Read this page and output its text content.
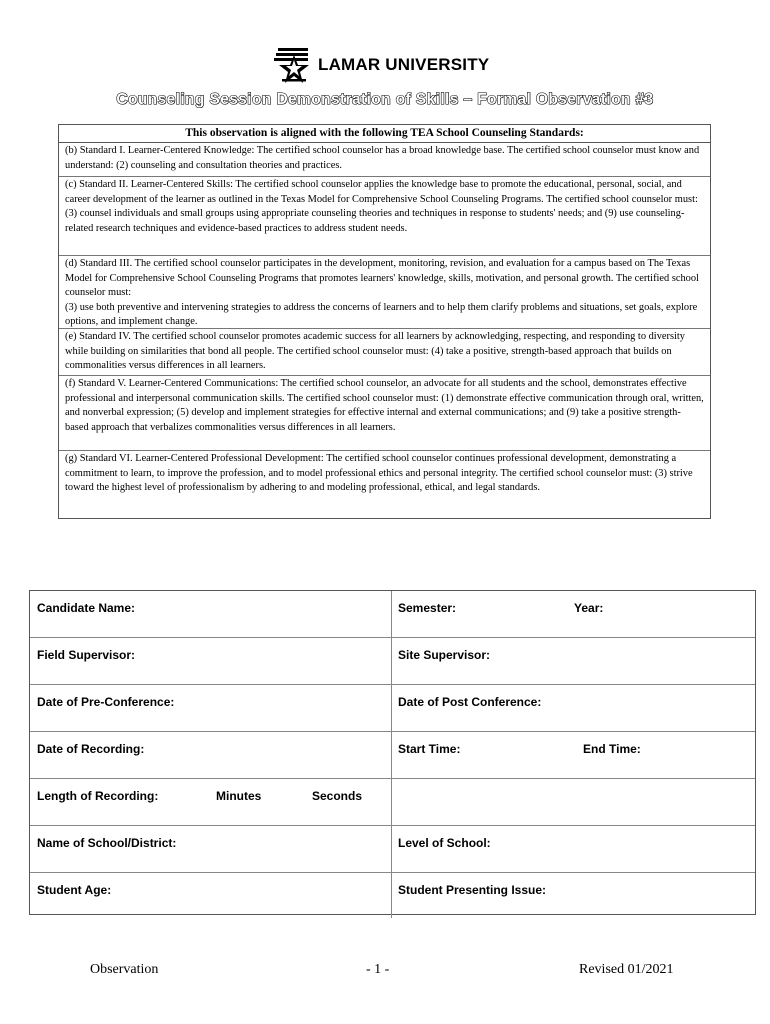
LAMAR UNIVERSITY
Counseling Session Demonstration of Skills – Formal Observation #3
This observation is aligned with the following TEA School Counseling Standards:
(b) Standard I. Learner-Centered Knowledge: The certified school counselor has a broad knowledge base. The certified school counselor must know and understand: (2) counseling and consultation theories and practices.
(c) Standard II. Learner-Centered Skills: The certified school counselor applies the knowledge base to promote the educational, personal, social, and career development of the learner as outlined in the Texas Model for Comprehensive School Counseling Programs. The certified school counselor must:
(3) counsel individuals and small groups using appropriate counseling theories and techniques in response to students' needs; and (9) use counseling-related research techniques and evidence-based practices to address student needs.
(d) Standard III. The certified school counselor participates in the development, monitoring, revision, and evaluation for a campus based on The Texas Model for Comprehensive School Counseling Programs that promotes learners' knowledge, skills, motivation, and personal growth. The certified school counselor must:
(3) use both preventive and intervening strategies to address the concerns of learners and to help them clarify problems and situations, set goals, explore options, and implement change.
(e) Standard IV. The certified school counselor promotes academic success for all learners by acknowledging, respecting, and responding to diversity while building on similarities that bond all people. The certified school counselor must: (4) take a positive, strength-based approach that builds on commonalities versus differences in all learners.
(f) Standard V. Learner-Centered Communications: The certified school counselor, an advocate for all students and the school, demonstrates effective professional and interpersonal communication skills. The certified school counselor must: (1) demonstrate effective communication through oral, written, and nonverbal expression; (5) develop and implement strategies for effective internal and external communications; and (9) take a positive strength-based approach that verbalizes commonalities versus differences in all learners.
(g) Standard VI. Learner-Centered Professional Development: The certified school counselor continues professional development, demonstrating a commitment to learn, to improve the profession, and to model professional ethics and personal integrity. The certified school counselor must: (3) strive toward the highest level of professionalism by adhering to and modeling professional, ethical, and legal standards.
Candidate Name:	Semester:	Year:
Field Supervisor:	Site Supervisor:
Date of Pre-Conference:	Date of Post Conference:
Date of Recording:	Start Time:	End Time:
Length of Recording:	Minutes	Seconds
Name of School/District:	Level of School:
Student Age:	Student Presenting Issue:
Observation	- 1 -	Revised 01/2021
